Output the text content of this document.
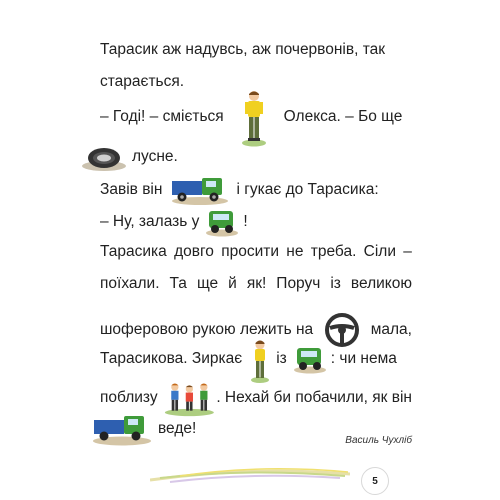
Тарасик аж надувсь, аж почервонів, так
старається.
– Годі! – сміється	Олекса. – Бо ще
лусне.
Завів він	і гукає до Тарасика:
– Ну, залазь у	!
Тарасика довго просити не треба. Сіли –
поїхали. Та ще й як! Поруч із великою
шоферовою рукою лежить на	мала,
Тарасикова. Зиркає із	: чи нема
поблизу	. Нехай би побачили, як він
веде!
Василь Чухліб
5
